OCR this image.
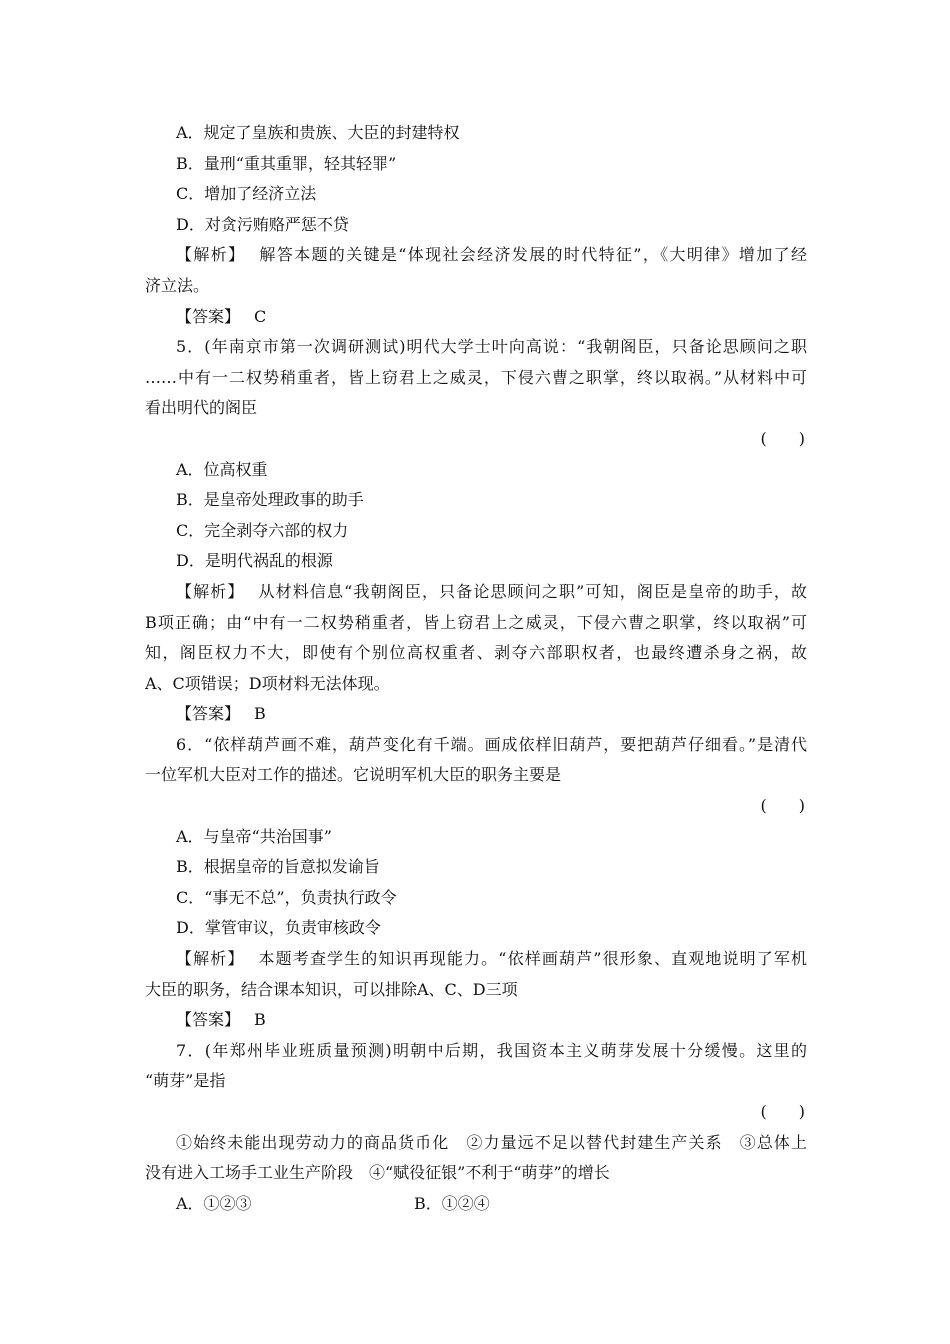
A．规定了皇族和贵族、大臣的封建特权
B．量刑“重其重罪，轻其轻罪”
C．增加了经济立法
D．对贪污贿赂严惩不贷
【解析】 解答本题的关键是“体现社会经济发展的时代特征”，《大明律》增加了经
济立法。
【答案】 C
5．(年南京市第一次调研测试)明代大学士叶向高说：“我朝阁臣，只备论思顾问之职
……中有一二权势稍重者，皆上窃君上之威灵，下侵六曹之职掌，终以取祸。”从材料中可
看出明代的阁臣
(　　)
A．位高权重
B．是皇帝处理政事的助手
C．完全剥夺六部的权力
D．是明代祸乱的根源
【解析】 从材料信息“我朝阁臣，只备论思顾问之职”可知，阁臣是皇帝的助手，故
B项正确；由“中有一二权势稍重者，皆上窃君上之威灵，下侵六曹之职掌，终以取祸”可
知，阁臣权力不大，即使有个别位高权重者、剥夺六部职权者，也最终遭杀身之祸，故
A、C项错误；D项材料无法体现。
【答案】 B
6．“依样葫芦画不难，葫芦变化有千端。画成依样旧葫芦，要把葫芦仔细看。”是清代
一位军机大臣对工作的描述。它说明军机大臣的职务主要是
(　　)
A．与皇帝“共治国事”
B．根据皇帝的旨意拟发谕旨
C．“事无不总”，负责执行政令
D．掌管审议，负责审核政令
【解析】 本题考查学生的知识再现能力。“依样画葫芦”很形象、直观地说明了军机
大臣的职务，结合课本知识，可以排除A、C、D三项
【答案】 B
7．(年郑州毕业班质量预测)明朝中后期，我国资本主义萌芽发展十分缓慢。这里的
“萌芽”是指
(　　)
①始终未能出现劳动力的商品货币化　②力量远不足以替代封建生产关系　③总体上
没有进入工场手工业生产阶段　④“赋役征银”不利于“萌芽”的增长
A．①②③	B．①②④
